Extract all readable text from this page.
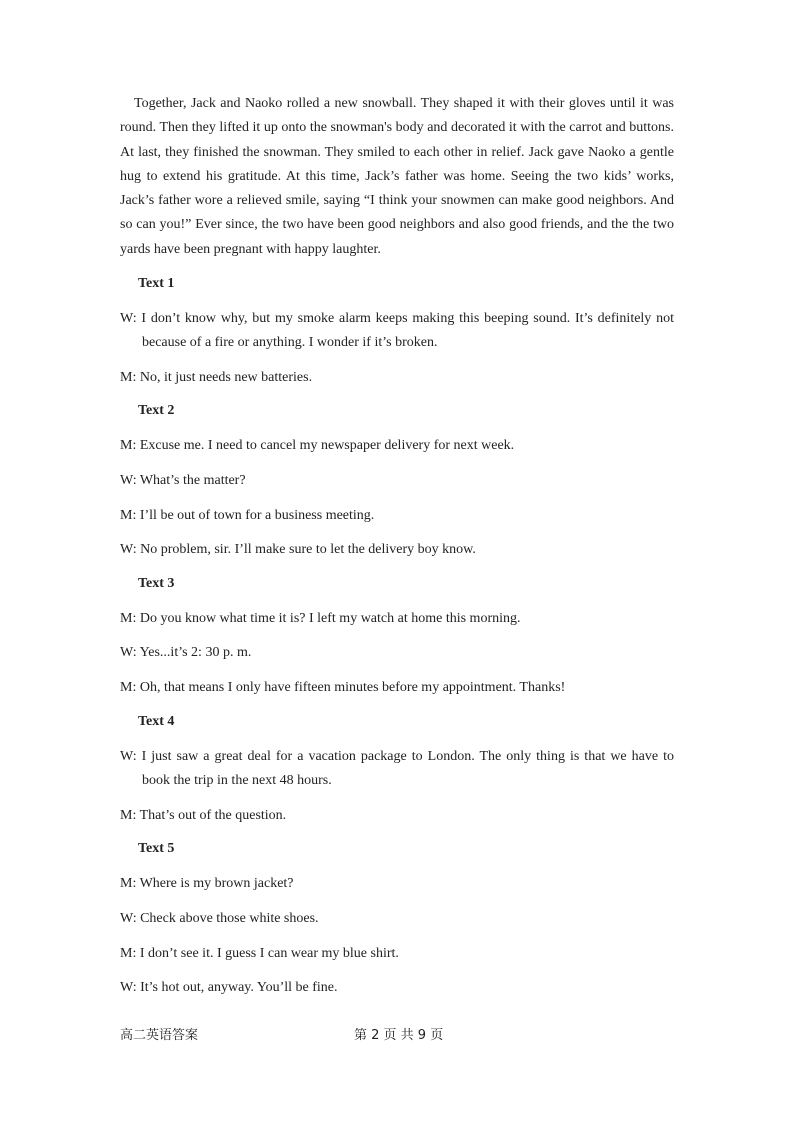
Together, Jack and Naoko rolled a new snowball. They shaped it with their gloves until it was round. Then they lifted it up onto the snowman's body and decorated it with the carrot and buttons. At last, they finished the snowman. They smiled to each other in relief. Jack gave Naoko a gentle hug to extend his gratitude. At this time, Jack’s father was home. Seeing the two kids’ works, Jack’s father wore a relieved smile, saying “I think your snowmen can make good neighbors. And so can you!” Ever since, the two have been good neighbors and also good friends, and the the two yards have been pregnant with happy laughter.

Text 1
W: I don’t know why, but my smoke alarm keeps making this beeping sound. It’s definitely not because of a fire or anything. I wonder if it’s broken.
M: No, it just needs new batteries.
Text 2
M: Excuse me. I need to cancel my newspaper delivery for next week.
W: What’s the matter?
M: I’ll be out of town for a business meeting.
W: No problem, sir. I’ll make sure to let the delivery boy know.
Text 3
M: Do you know what time it is? I left my watch at home this morning.
W: Yes...it’s 2: 30 p. m.
M: Oh, that means I only have fifteen minutes before my appointment. Thanks!
Text 4
W: I just saw a great deal for a vacation package to London. The only thing is that we have to book the trip in the next 48 hours.
M: That’s out of the question.
Text 5
M: Where is my brown jacket?
W: Check above those white shoes.
M: I don’t see it. I guess I can wear my blue shirt.
W: It’s hot out, anyway. You’ll be fine.
高二英语答案	第 2 页 共 9 页
